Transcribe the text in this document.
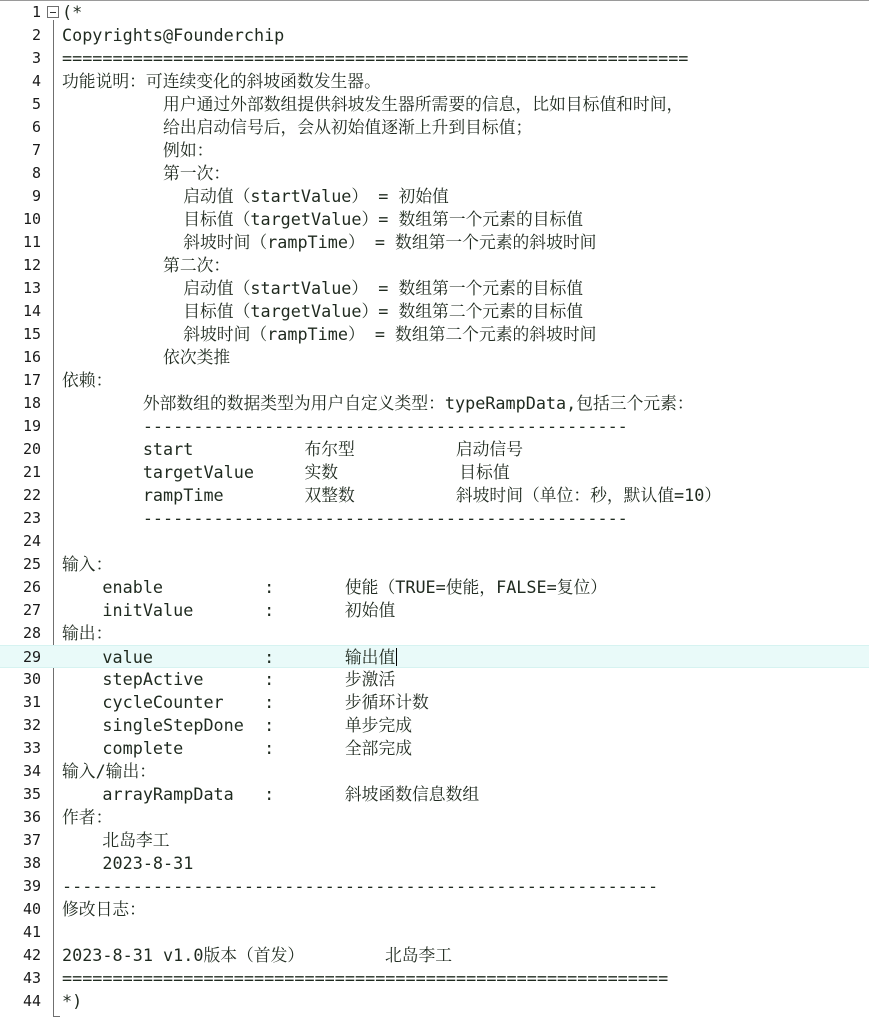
1 (*
2 Copyrights@Founderchip
3 ==============================================================
4 功能说明：可连续变化的斜坡函数发生器。
5 用户通过外部数组提供斜坡发生器所需要的信息，比如目标值和时间，
6 给出启动信号后，会从初始值逐渐上升到目标值；
7 例如：
8 第一次：
9 启动值（startValue） = 初始值
10 目标值（targetValue）= 数组第一个元素的目标值
11 斜坡时间（rampTime） = 数组第一个元素的斜坡时间
12 第二次：
13 启动值（startValue） = 数组第一个元素的目标值
14 目标值（targetValue）= 数组第二个元素的目标值
15 斜坡时间（rampTime） = 数组第二个元素的斜坡时间
16 依次类推
17 依赖：
18 外部数组的数据类型为用户自定义类型：typeRampData,包括三个元素：
19 ------------------------------------------------
20 start           布尔型          启动信号
21 targetValue     实数            目标值
22 rampTime        双整数          斜坡时间（单位：秒，默认值=10）
23 ------------------------------------------------
24
25 输入：
26 enable          :       使能（TRUE=使能，FALSE=复位）
27 initValue       :       初始值
28 输出：
29 value           :       输出值
30 stepActive      :       步激活
31 cycleCounter    :       步循环计数
32 singleStepDone  :       单步完成
33 complete        :       全部完成
34 输入/输出：
35 arrayRampData   :       斜坡函数信息数组
36 作者：
37 北岛李工
38 2023-8-31
39 -----------------------------------------------------------
40 修改日志：
41
42 2023-8-31 v1.0版本（首发）        北岛李工
43 ============================================================
44 *)
